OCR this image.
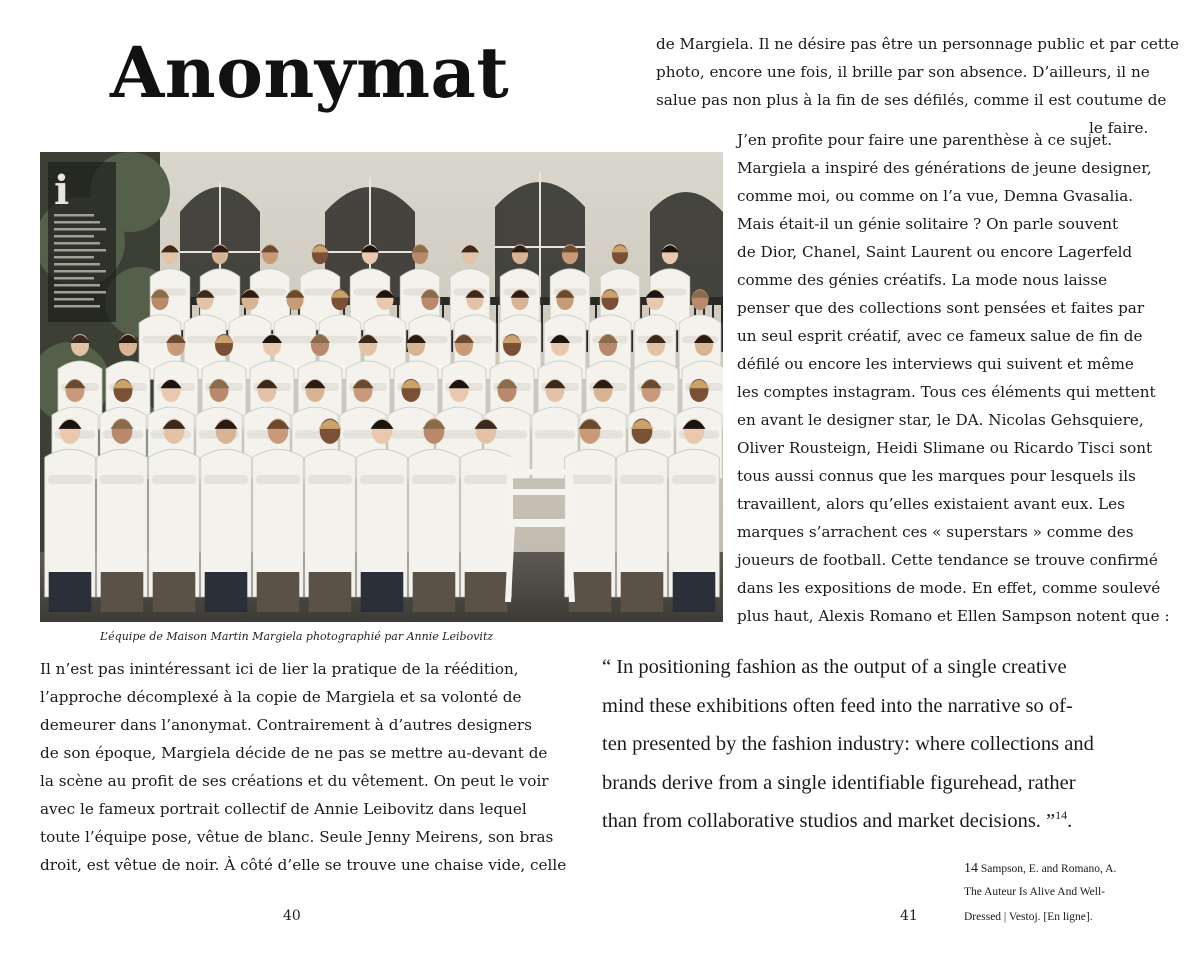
Anonymat
i
L’équipe de Maison Martin Margiela photographié par Annie Leibovitz
Il n’est pas inintéressant ici de lier la pratique de la réédition,
l’approche décomplexé à la copie de Margiela et sa volonté de
demeurer dans l’anonymat. Contrairement à d’autres designers
de son époque, Margiela décide de ne pas se mettre au-devant de
la scène au profit de ses créations et du vêtement. On peut le voir
avec le fameux portrait collectif de Annie Leibovitz dans lequel
toute l’équipe pose, vêtue de blanc. Seule Jenny Meirens, son bras
droit, est vêtue de noir. À côté d’elle se trouve une chaise vide, celle
40
de Margiela. Il ne désire pas être un personnage public et par cette
photo, encore une fois, il brille par son absence. D’ailleurs, il ne
salue pas non plus à la fin de ses défilés, comme il est coutume de
le faire.
J’en profite pour faire une parenthèse à ce sujet.
Margiela a inspiré des générations de jeune designer,
comme moi, ou comme on l’a vue, Demna Gvasalia.
Mais était-il un génie solitaire ? On parle souvent
de Dior, Chanel, Saint Laurent ou encore Lagerfeld
comme des génies créatifs. La mode nous laisse
penser que des collections sont pensées et faites par
un seul esprit créatif, avec ce fameux salue de fin de
défilé ou encore les interviews qui suivent et même
les comptes instagram. Tous ces éléments qui mettent
en avant le designer star, le DA. Nicolas Gehsquiere,
Oliver Rousteign, Heidi Slimane ou Ricardo Tisci sont
tous aussi connus que les marques pour lesquels ils
travaillent, alors qu’elles existaient avant eux. Les
marques s’arrachent ces « superstars » comme des
joueurs de football. Cette tendance se trouve confirmé
dans les expositions de mode. En effet, comme soulevé
plus haut, Alexis Romano et Ellen Sampson notent que :
“ In positioning fashion as the output of a single creative
mind these exhibitions often feed into the narrative so of-
ten presented by the fashion industry: where collections and
brands derive from a single identifiable figurehead, rather
than from collaborative studios and market decisions. ”$^{14}$.
14 Sampson, E. and Romano, A.
The Auteur Is Alive And Well-
Dressed | Vestoj. [En ligne].
41
